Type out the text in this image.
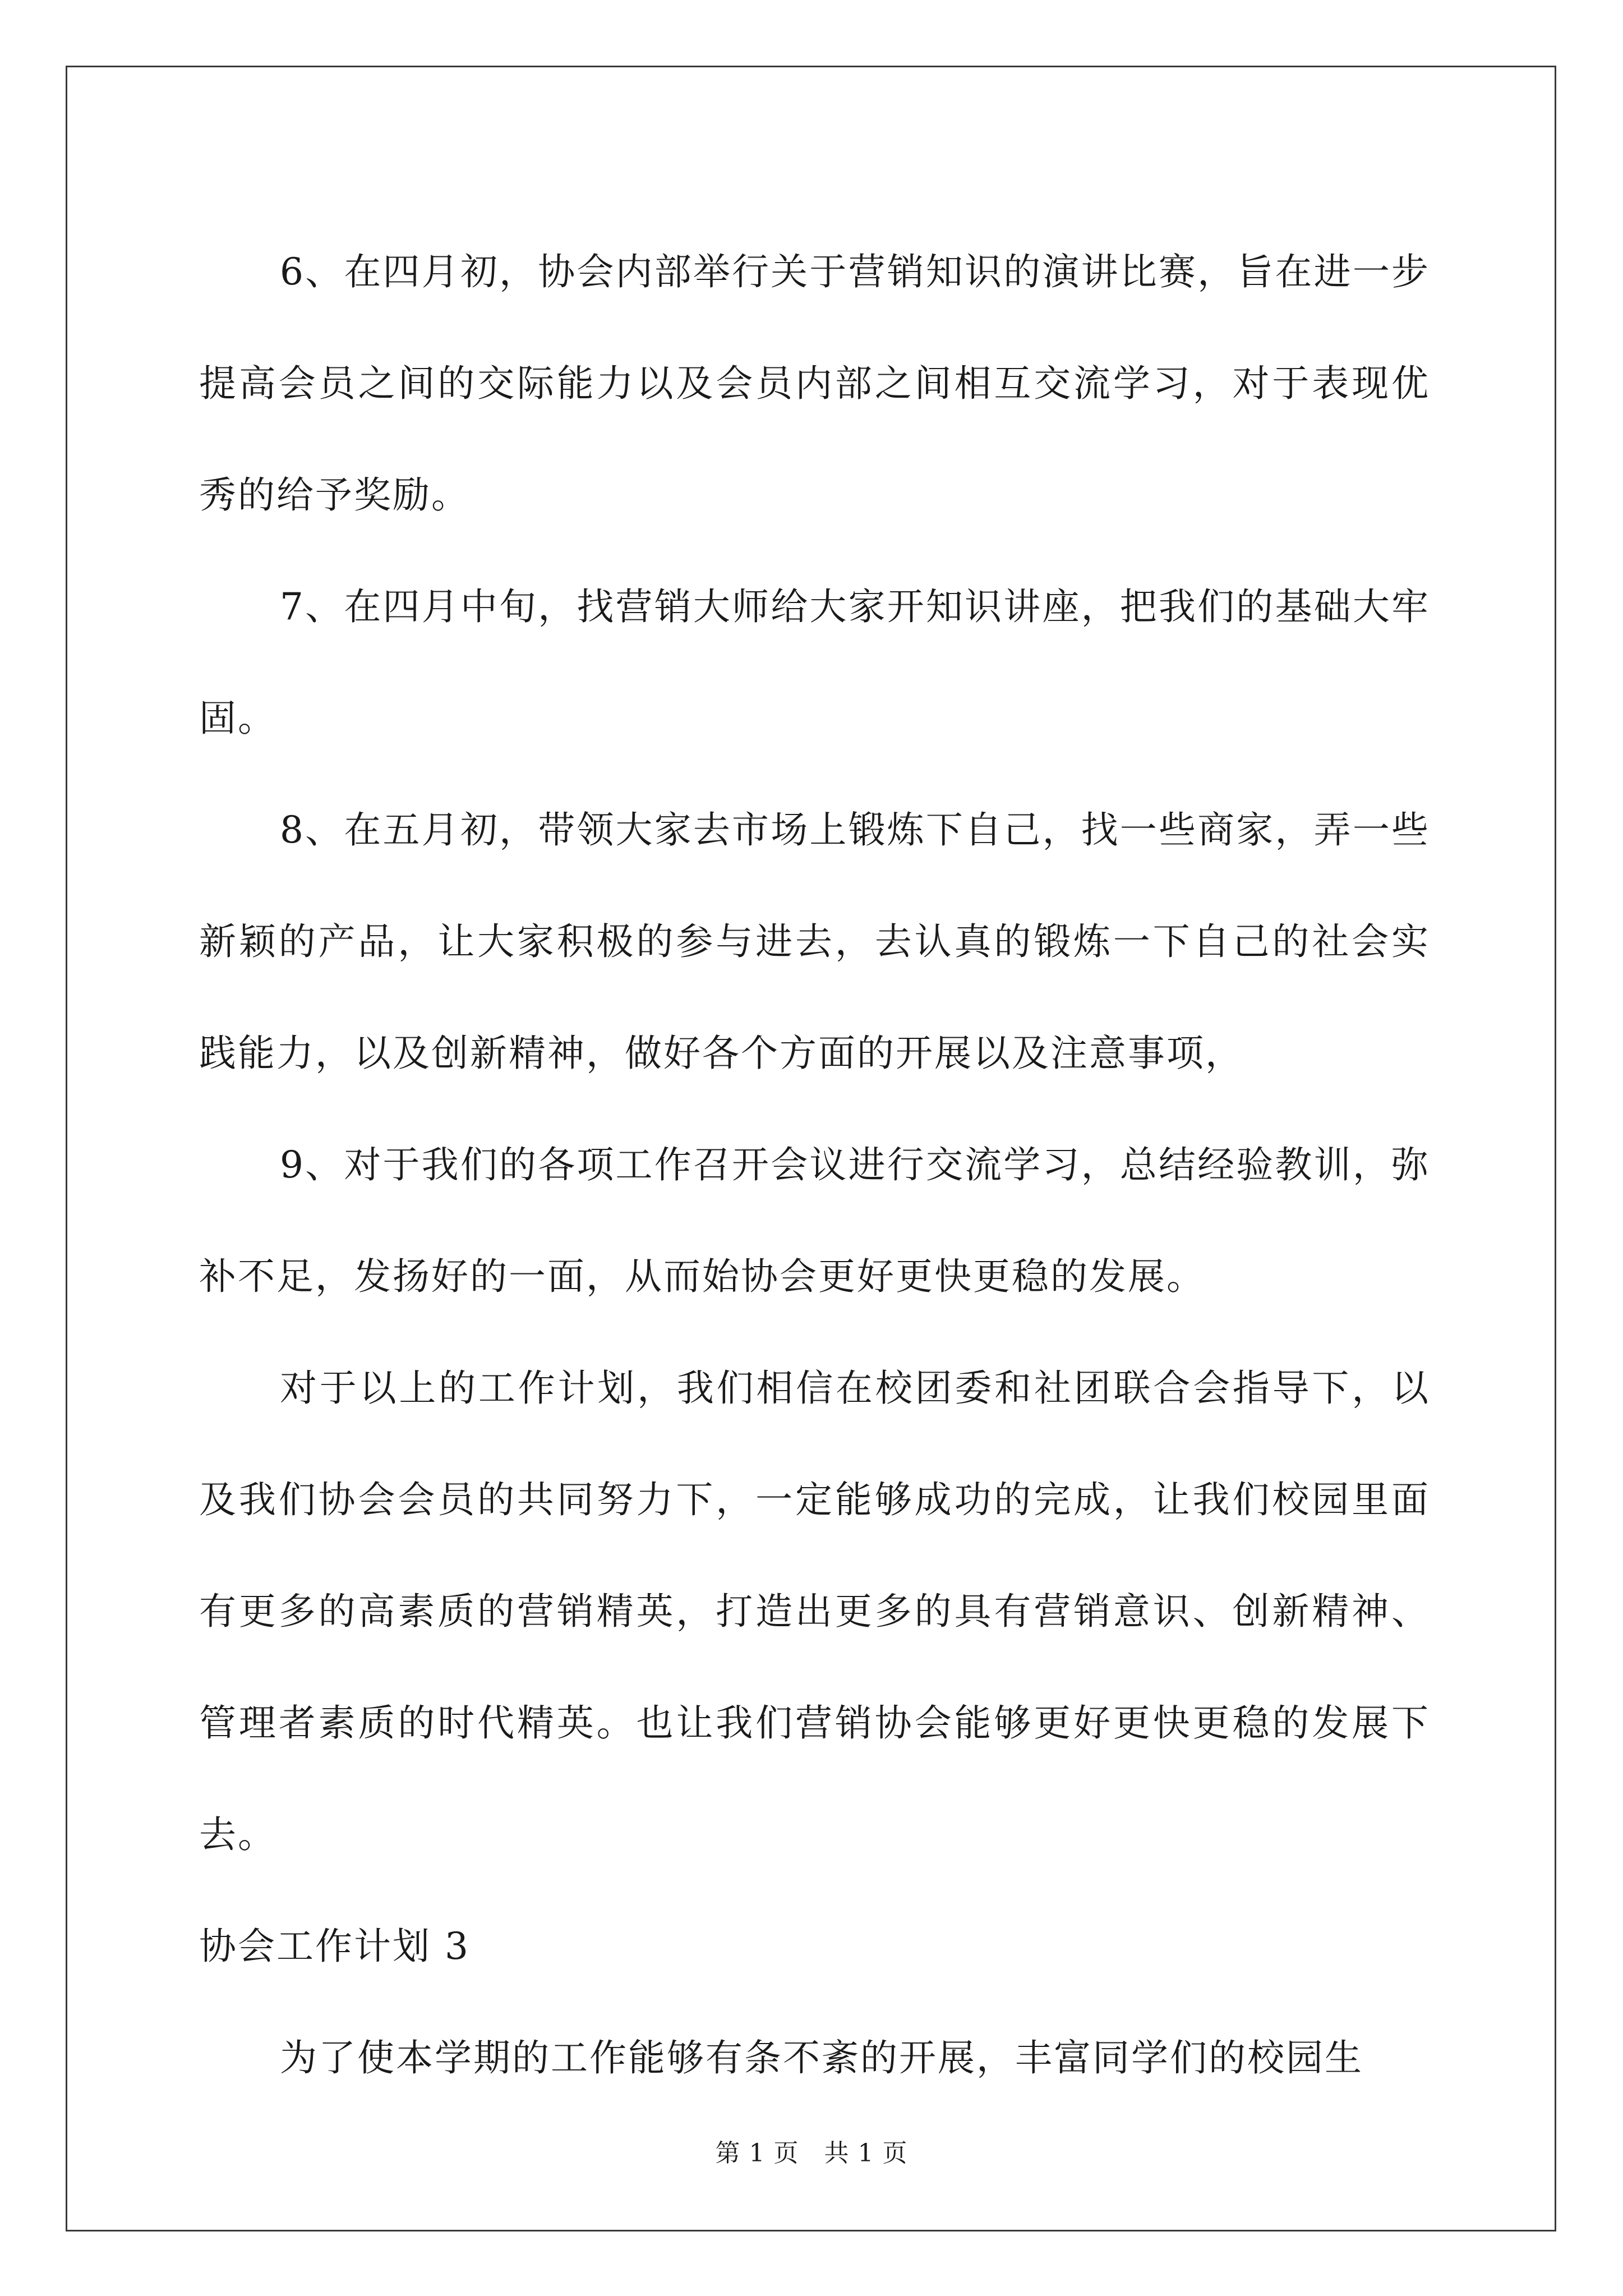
6、在四月初，协会内部举行关于营销知识的演讲比赛，旨在进一步提高会员之间的交际能力以及会员内部之间相互交流学习，对于表现优秀的给予奖励。

7、在四月中旬，找营销大师给大家开知识讲座，把我们的基础大牢固。

8、在五月初，带领大家去市场上锻炼下自己，找一些商家，弄一些新颖的产品，让大家积极的参与进去，去认真的锻炼一下自己的社会实践能力，以及创新精神，做好各个方面的开展以及注意事项，

9、对于我们的各项工作召开会议进行交流学习，总结经验教训，弥补不足，发扬好的一面，从而始协会更好更快更稳的发展。

对于以上的工作计划，我们相信在校团委和社团联合会指导下，以及我们协会会员的共同努力下，一定能够成功的完成，让我们校园里面有更多的高素质的营销精英，打造出更多的具有营销意识、创新精神、管理者素质的时代精英。也让我们营销协会能够更好更快更稳的发展下去。

协会工作计划 3

为了使本学期的工作能够有条不紊的开展，丰富同学们的校园生

第 1 页　共 1 页
